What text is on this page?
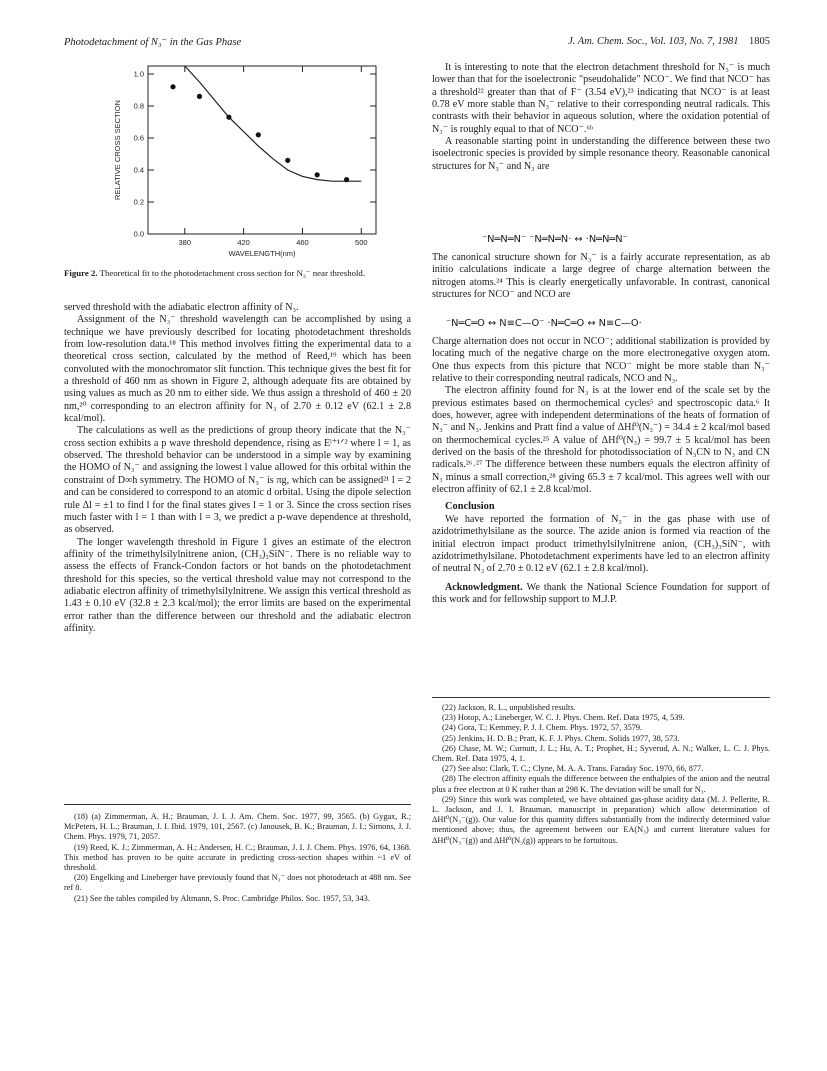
Photodetachment of N₃⁻ in the Gas Phase	J. Am. Chem. Soc., Vol. 103, No. 7, 1981 1805
0.0
0.2
0.4
0.6
0.8
1.0
380	420	460	500
WAVELENGTH(nm)
RELATIVE CROSS SECTION
Figure 2. Theoretical fit to the photodetachment cross section for N₃⁻ near threshold.

served threshold with the adiabatic electron affinity of N₃.

Assignment of the N₃⁻ threshold wavelength can be accomplished by using a technique we have previously described for locating photodetachment thresholds from low-resolution data.¹⁸ This method involves fitting the experimental data to a theoretical cross section, calculated by the method of Reed,¹⁹ which has been convoluted with the monochromator slit function. This technique gives the best fit for a threshold of 460 nm as shown in Figure 2, although adequate fits are obtained by using values as much as 20 nm to either side. We thus assign a threshold of 460 ± 20 nm,²⁰ corresponding to an electron affinity for N₃ of 2.70 ± 0.12 eV (62.1 ± 2.8 kcal/mol).

The calculations as well as the predictions of group theory indicate that the N₃⁻ cross section exhibits a p wave threshold dependence, rising as Eˡ⁺¹ᐟ² where l = 1, as observed. The threshold behavior can be understood in a simple way by examining the HOMO of N₃⁻ and assigning the lowest l value allowed for this orbital within the constraint of D∞h symmetry. The HOMO of N₃⁻ is πg, which can be assigned²¹ l = 2 and can be considered to correspond to an atomic d orbital. Using the dipole selection rule Δl = ±1 to find l for the final states gives l = 1 or 3. Since the cross section rises much faster with l = 1 than with l = 3, we predict a p-wave dependence at threshold, as observed.

The longer wavelength threshold in Figure 1 gives an estimate of the electron affinity of the trimethylsilylnitrene anion, (CH₃)₃SiN⁻. There is no reliable way to assess the effects of Franck-Condon factors or hot bands on the photodetachment threshold for this species, so the vertical threshold value may not correspond to the adiabatic electron affinity of trimethylsilylnitrene. We assign this vertical threshold as 1.43 ± 0.10 eV (32.8 ± 2.3 kcal/mol); the error limits are based on the experimental error rather than the difference between our threshold and the adiabatic electron affinity.

(18) (a) Zimmerman, A. H.; Brauman, J. I. J. Am. Chem. Soc. 1977, 99, 3565. (b) Gygax, R.; McPeters, H. L.; Brauman, J. I. Ibid. 1979, 101, 2567. (c) Janousek, B. K.; Brauman, J. I.; Simons, J. J. Chem. Phys. 1979, 71, 2057.

(19) Reed, K. J.; Zimmerman, A. H.; Andersen, H. C.; Brauman, J. I. J. Chem. Phys. 1976, 64, 1368. This method has proven to be quite accurate in predicting cross-section shapes within ~1 eV of threshold.

(20) Engelking and Lineberger have previously found that N₃⁻ does not photodetach at 488 nm. See ref 8.

(21) See the tables compiled by Altmann, S. Proc. Cambridge Philos. Soc. 1957, 53, 343.

It is interesting to note that the electron detachment threshold for N₃⁻ is much lower than that for the isoelectronic "pseudohalide" NCO⁻. We find that NCO⁻ has a threshold²² greater than that of F⁻ (3.54 eV),²³ indicating that NCO⁻ is at least 0.78 eV more stable than N₃⁻ relative to their corresponding neutral radicals. This contrasts with their behavior in aqueous solution, where the oxidation potential of N₃⁻ is roughly equal to that of NCO⁻.⁶ᵇ

A reasonable starting point in understanding the difference between these two isoelectronic species is provided by simple resonance theory. Reasonable canonical structures for N₃⁻ and N₃ are

⁻N═N═N⁻ ⁻N═N═N· ↔ ·N═N═N⁻

The canonical structure shown for N₃⁻ is a fairly accurate representation, as ab initio calculations indicate a large degree of charge alternation between the nitrogen atoms.²⁴ This is clearly energetically unfavorable. In contrast, canonical structures for NCO⁻ and NCO are

⁻N═C═O ↔ N≡C—O⁻ ·N═C═O ↔ N≡C—O·

Charge alternation does not occur in NCO⁻; additional stabilization is provided by locating much of the negative charge on the more electronegative oxygen atom. One thus expects from this picture that NCO⁻ might be more stable than N₃⁻ relative to their corresponding neutral radicals, NCO and N₃.

The electron affinity found for N₃ is at the lower end of the scale set by the previous estimates based on thermochemical cycles⁵ and spectroscopic data.⁶ It does, however, agree with independent determinations of the heats of formation of N₃⁻ and N₃. Jenkins and Pratt find a value of ΔHf⁰(N₃⁻) = 34.4 ± 2 kcal/mol based on thermochemical cycles.²⁵ A value of ΔHf⁰(N₃) = 99.7 ± 5 kcal/mol has been derived on the basis of the threshold for photodissociation of N₃CN to N₃ and CN radicals.²⁶˒²⁷ The difference between these numbers equals the electron affinity of N₃ minus a small correction,²⁸ giving 65.3 ± 7 kcal/mol. This agrees well with our electron affinity of 62.1 ± 2.8 kcal/mol.

Conclusion

We have reported the formation of N₃⁻ in the gas phase with use of azidotrimethylsilane as the source. The azide anion is formed via reaction of the initial electron impact product trimethylsilylnitrene anion, (CH₃)₃SiN⁻, with azidotrimethylsilane. Photodetachment experiments have led to an electron affinity of neutral N₃ of 2.70 ± 0.12 eV (62.1 ± 2.8 kcal/mol).

Acknowledgment. We thank the National Science Foundation for support of this work and for fellowship support to M.J.P.

(22) Jackson, R. L., unpublished results.

(23) Hotop, A.; Lineberger, W. C. J. Phys. Chem. Ref. Data 1975, 4, 539.

(24) Gora, T.; Kemmey, P. J. J. Chem. Phys. 1972, 57, 3579.

(25) Jenkins, H. D. B.; Pratt, K. F. J. Phys. Chem. Solids 1977, 38, 573.

(26) Chase, M. W.; Curnutt, J. L.; Hu, A. T.; Prophet, H.; Syverud, A. N.; Walker, L. C. J. Phys. Chem. Ref. Data 1975, 4, 1.

(27) See also: Clark, T. C.; Clyne, M. A. A. Trans. Faraday Soc. 1970, 66, 877.

(28) The electron affinity equals the difference between the enthalpies of the anion and the neutral plus a free electron at 0 K rather than at 298 K. The deviation will be small for N₃.

(29) Since this work was completed, we have obtained gas-phase acidity data (M. J. Pellerite, R. L. Jackson, and J. I. Brauman, manuscript in preparation) which allow determination of ΔHf⁰(N₃⁻(g)). Our value for this quantity differs substantially from the indirectly determined value mentioned above; thus, the agreement between our EA(N₃) and current literature values for ΔHf⁰(N₃⁻(g)) and ΔHf⁰(N₃(g)) appears to be fortuitous.
